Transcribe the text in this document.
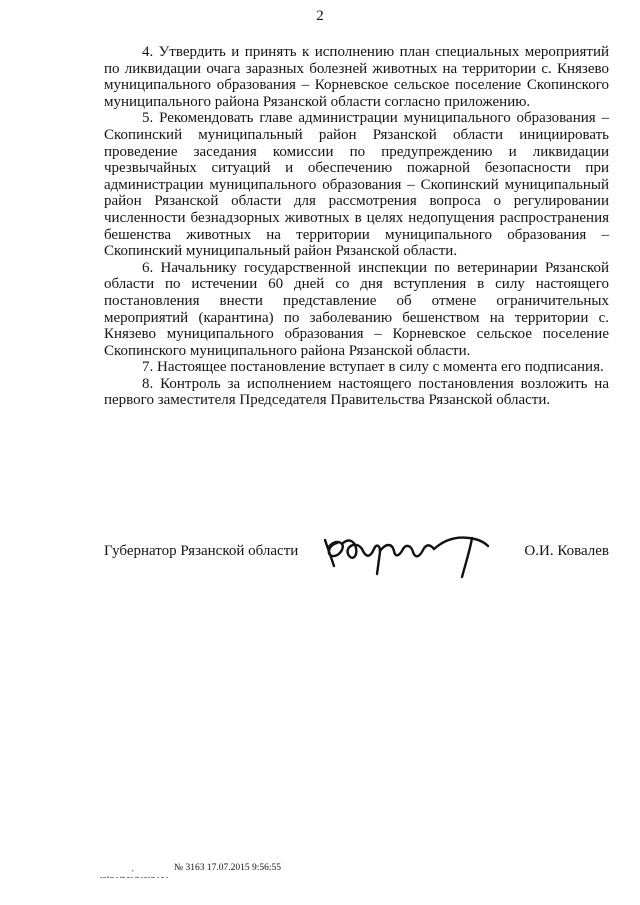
2

4. Утвердить и принять к исполнению план специальных мероприятий по ликвидации очага заразных болезней животных на территории с. Князево муниципального образования – Корневское сельское поселение Скопинского муниципального района Рязанской области согласно приложению.

5. Рекомендовать главе администрации муниципального образования – Скопинский муниципальный район Рязанской области инициировать проведение заседания комиссии по предупреждению и ликвидации чрезвычайных ситуаций и обеспечению пожарной безопасности при администрации муниципального образования – Скопинский муниципальный район Рязанской области для рассмотрения вопроса о регулировании численности безнадзорных животных в целях недопущения распространения бешенства животных на территории муниципального образования – Скопинский муниципальный район Рязанской области.

6. Начальнику государственной инспекции по ветеринарии Рязанской области по истечении 60 дней со дня вступления в силу настоящего постановления внести представление об отмене ограничительных мероприятий (карантина) по заболеванию бешенством на территории с. Князево муниципального образования – Корневское сельское поселение Скопинского муниципального района Рязанской области.

7. Настоящее постановление вступает в силу с момента его подписания.

8. Контроль за исполнением настоящего постановления возложить на первого заместителя Председателя Правительства Рязанской области.

Губернатор Рязанской области	О.И. Ковалев
№ 3163 17.07.2015 9:56:55
